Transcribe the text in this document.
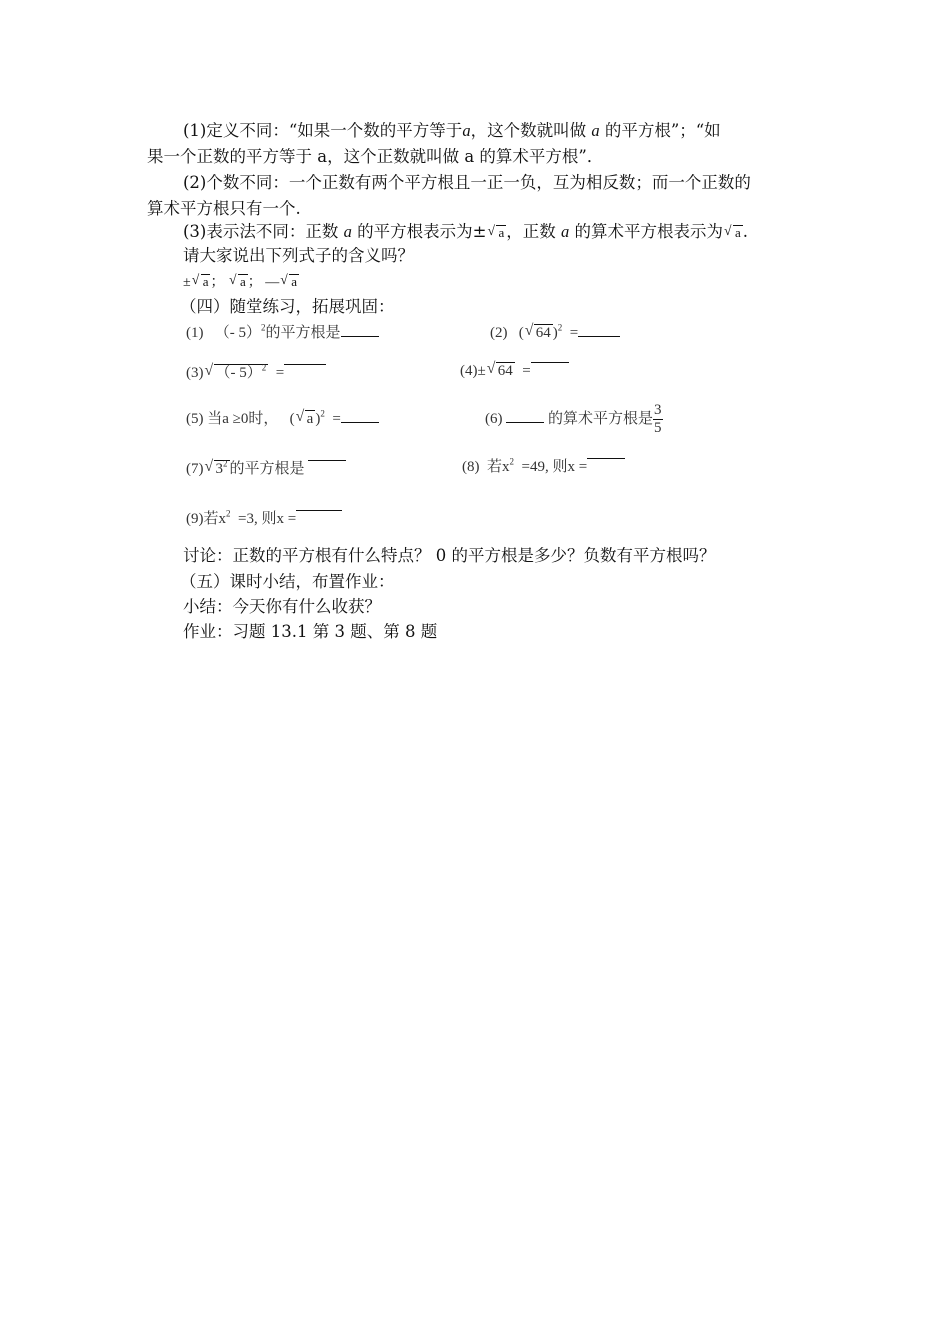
(1)定义不同：“如果一个数的平方等于a，这个数就叫做 a 的平方根”；“如
果一个正数的平方等于 a，这个正数就叫做 a 的算术平方根”．
(2)个数不同：一个正数有两个平方根且一正一负，互为相反数；而一个正数的
算术平方根只有一个.
(3)表示法不同：正数 a 的平方根表示为± √ a ，正数 a 的算术平方根表示为 √ a .
请大家说出下列式子的含义吗？
± √ a ； √ a ； — √ a
（四）随堂练习，拓展巩固：
(1) （- 5）$^2$的平方根是	(2)   ( √ 64 )$^2$ =
(3) √ （- 5）$^2$ =	(4)± √ 64 =
(5) 当a ≥0时，   ( √ a )$^2$ =	(6)	的算术平方根是 $\frac{3}{5}$
(7) √ $3^2$ 的平方根是	(8) 若$x^2 =49$, 则x =
(9)若$x^2 =3$, 则x =
讨论：正数的平方根有什么特点？ 0 的平方根是多少？负数有平方根吗？
（五）课时小结，布置作业：
小结：今天你有什么收获？
作业：习题 13.1 第 3 题、第 8 题
